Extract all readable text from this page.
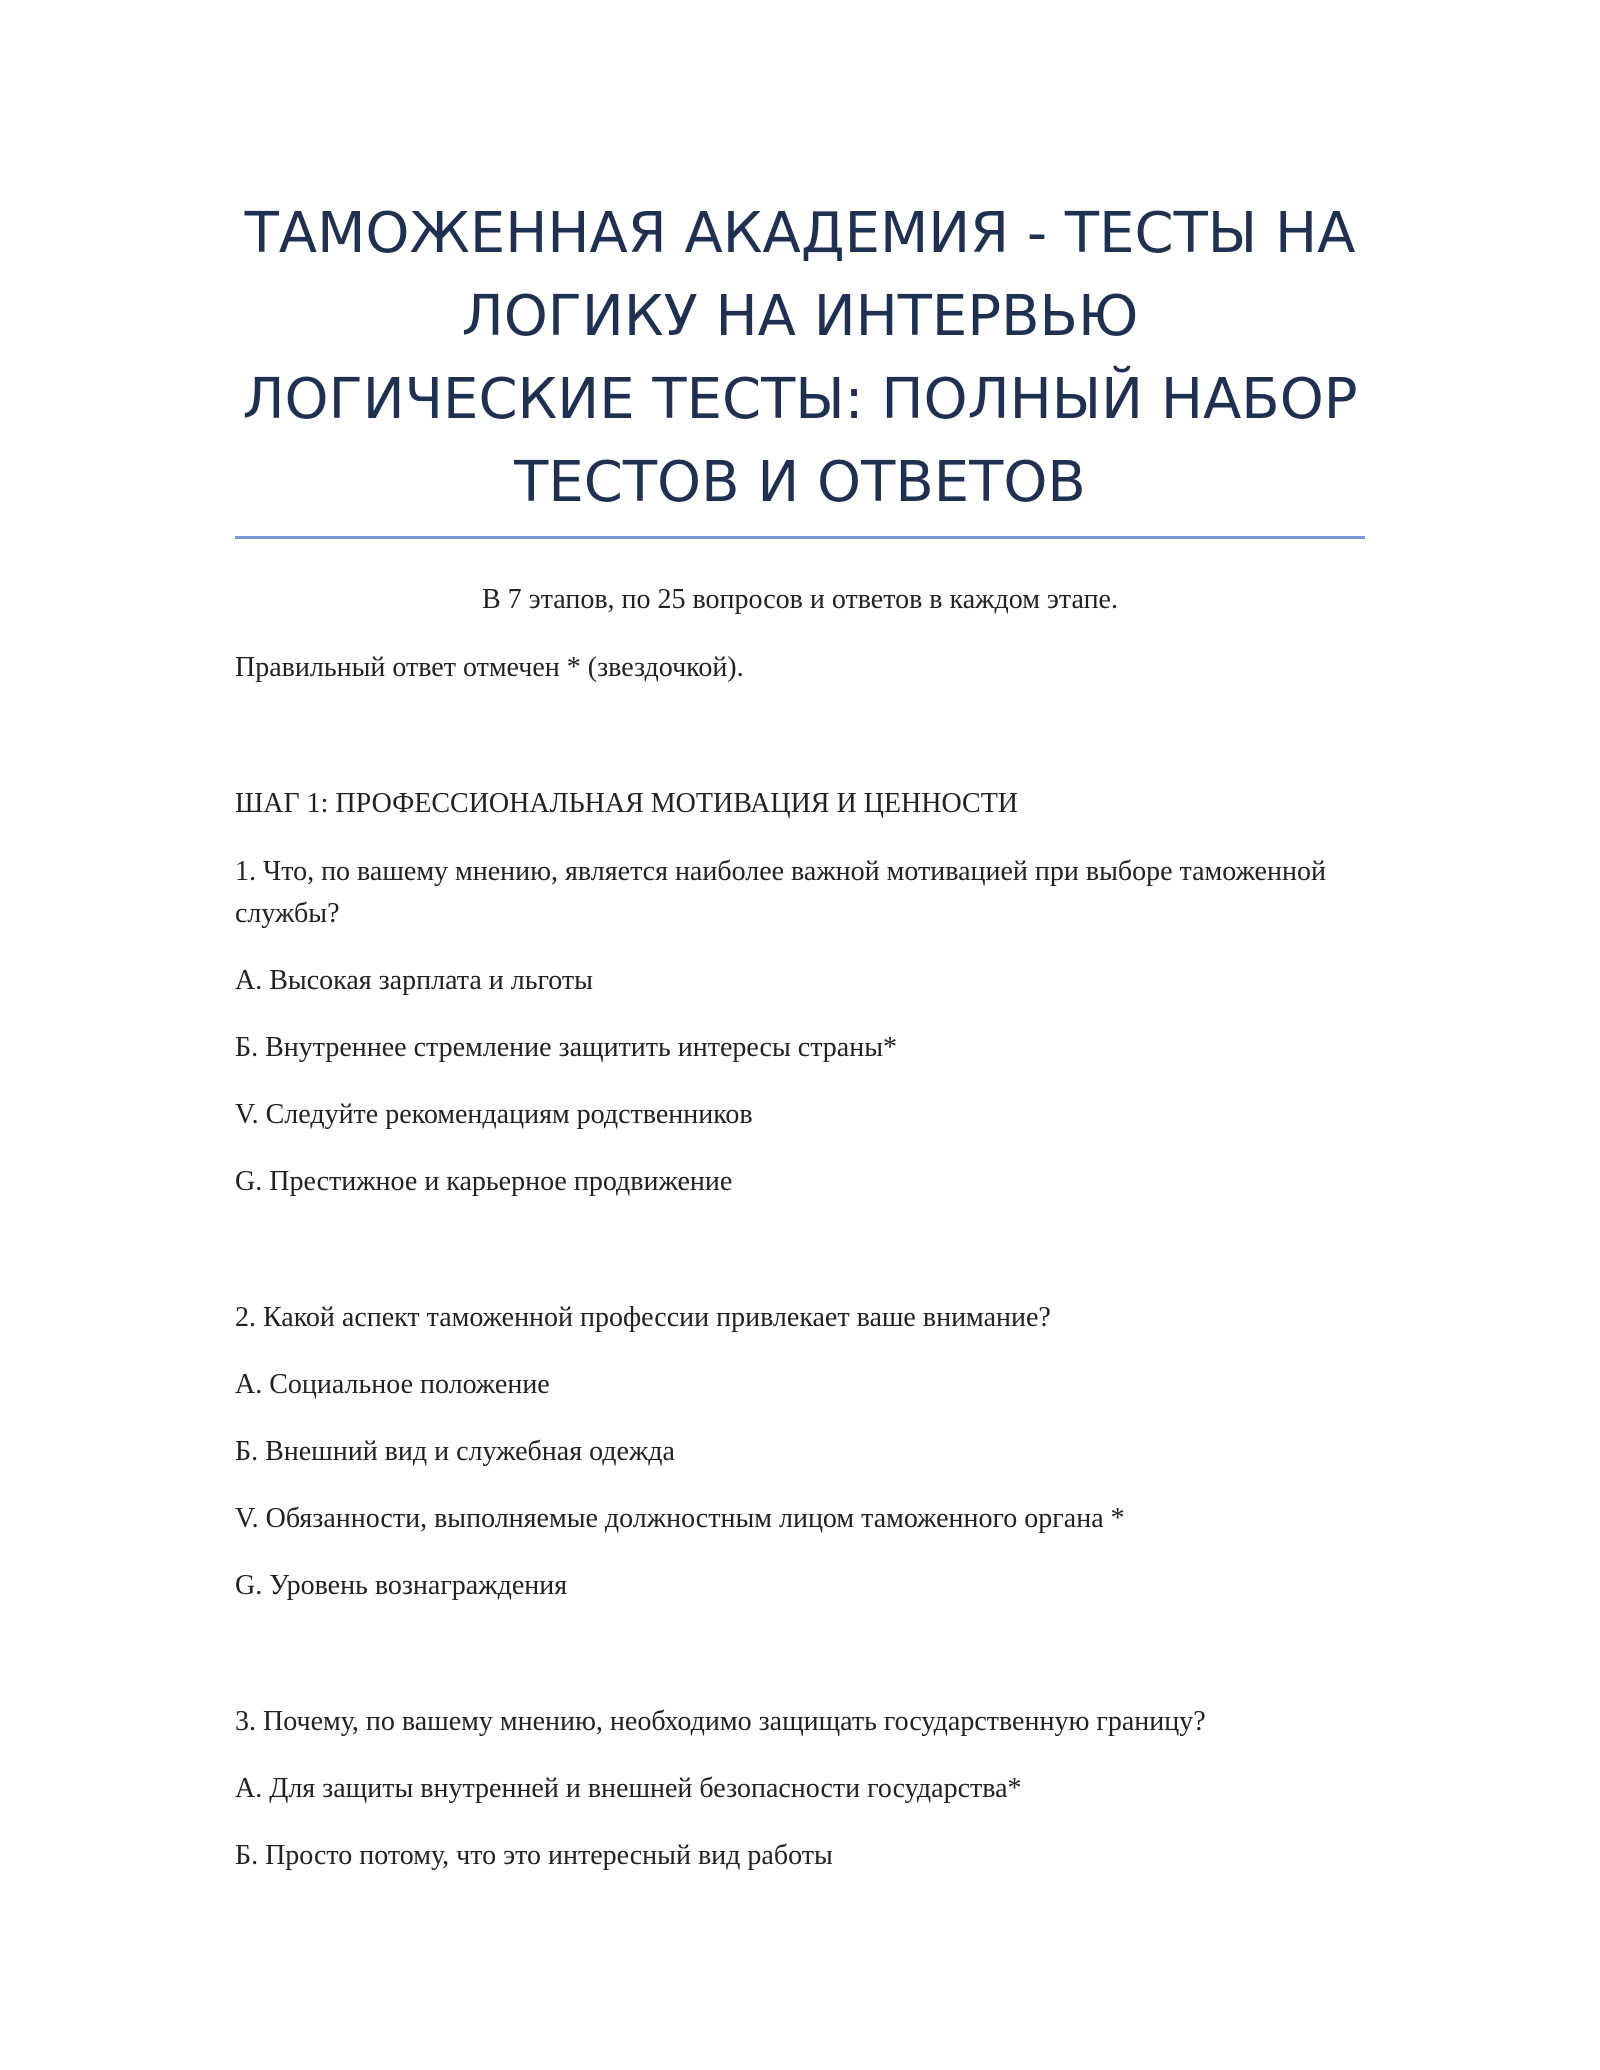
ТАМОЖЕННАЯ АКАДЕМИЯ - ТЕСТЫ НА
ЛОГИКУ НА ИНТЕРВЬЮ
ЛОГИЧЕСКИЕ ТЕСТЫ: ПОЛНЫЙ НАБОР
ТЕСТОВ И ОТВЕТОВ

В 7 этапов, по 25 вопросов и ответов в каждом этапе.

Правильный ответ отмечен * (звездочкой).

ШАГ 1: ПРОФЕССИОНАЛЬНАЯ МОТИВАЦИЯ И ЦЕННОСТИ

1. Что, по вашему мнению, является наиболее важной мотивацией при выборе таможенной службы?

A. Высокая зарплата и льготы

Б. Внутреннее стремление защитить интересы страны*

V. Следуйте рекомендациям родственников

G. Престижное и карьерное продвижение

2. Какой аспект таможенной профессии привлекает ваше внимание?

A. Социальное положение

Б. Внешний вид и служебная одежда

V. Обязанности, выполняемые должностным лицом таможенного органа *

G. Уровень вознаграждения

3. Почему, по вашему мнению, необходимо защищать государственную границу?

A. Для защиты внутренней и внешней безопасности государства*

Б. Просто потому, что это интересный вид работы
